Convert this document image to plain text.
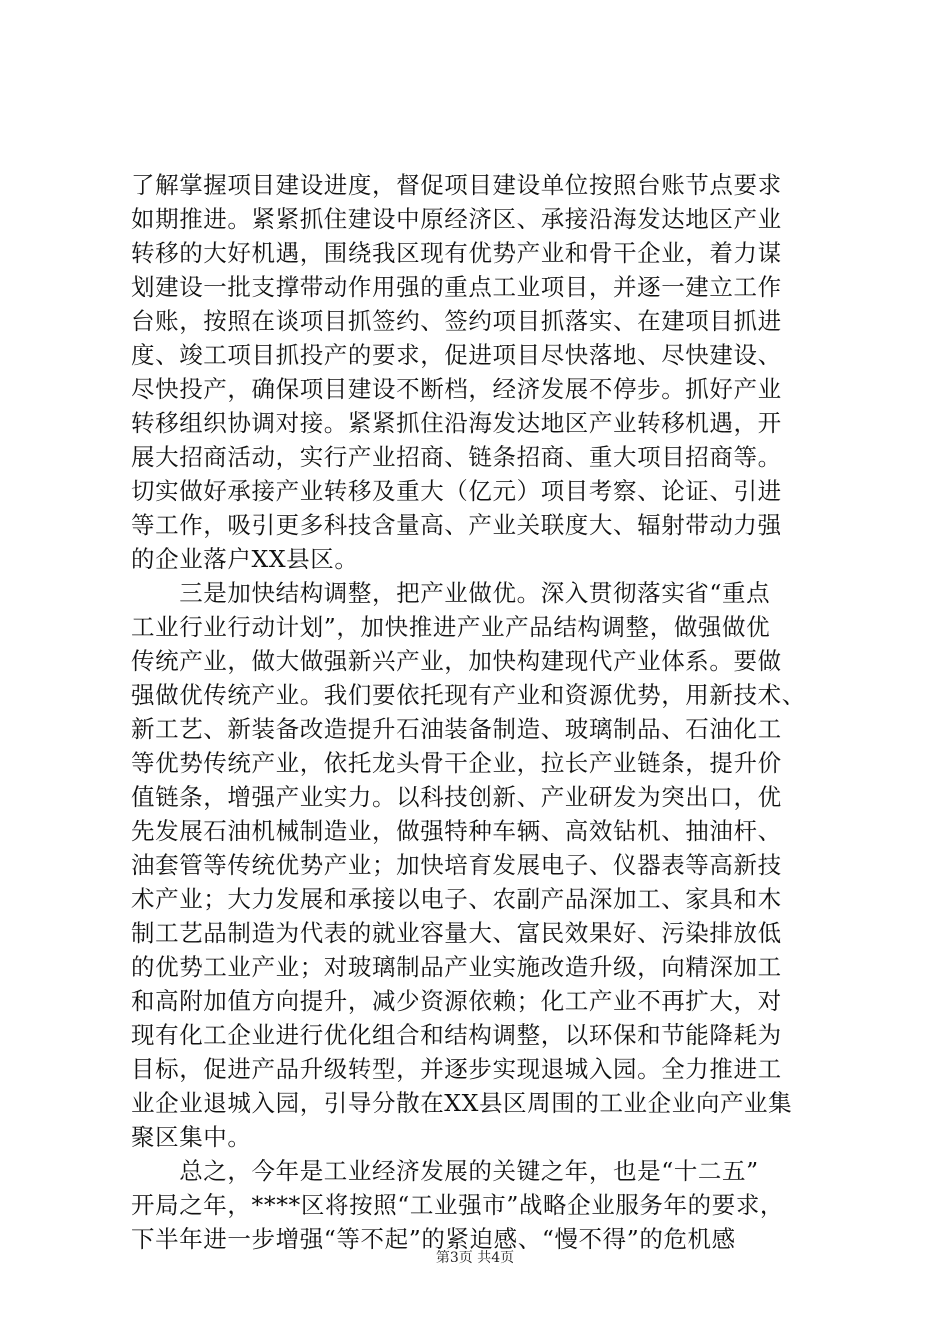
了解掌握项目建设进度，督促项目建设单位按照台账节点要求
如期推进。紧紧抓住建设中原经济区、承接沿海发达地区产业
转移的大好机遇，围绕我区现有优势产业和骨干企业，着力谋
划建设一批支撑带动作用强的重点工业项目，并逐一建立工作
台账，按照在谈项目抓签约、签约项目抓落实、在建项目抓进
度、竣工项目抓投产的要求，促进项目尽快落地、尽快建设、
尽快投产，确保项目建设不断档，经济发展不停步。抓好产业
转移组织协调对接。紧紧抓住沿海发达地区产业转移机遇，开
展大招商活动，实行产业招商、链条招商、重大项目招商等。
切实做好承接产业转移及重大（亿元）项目考察、论证、引进
等工作，吸引更多科技含量高、产业关联度大、辐射带动力强
的企业落户XX县区。
　　三是加快结构调整，把产业做优。深入贯彻落实省“重点
工业行业行动计划”，加快推进产业产品结构调整，做强做优
传统产业，做大做强新兴产业，加快构建现代产业体系。要做
强做优传统产业。我们要依托现有产业和资源优势，用新技术、
新工艺、新装备改造提升石油装备制造、玻璃制品、石油化工
等优势传统产业，依托龙头骨干企业，拉长产业链条，提升价
值链条，增强产业实力。以科技创新、产业研发为突出口，优
先发展石油机械制造业，做强特种车辆、高效钻机、抽油杆、
油套管等传统优势产业；加快培育发展电子、仪器表等高新技
术产业；大力发展和承接以电子、农副产品深加工、家具和木
制工艺品制造为代表的就业容量大、富民效果好、污染排放低
的优势工业产业；对玻璃制品产业实施改造升级，向精深加工
和高附加值方向提升，减少资源依赖；化工产业不再扩大，对
现有化工企业进行优化组合和结构调整，以环保和节能降耗为
目标，促进产品升级转型，并逐步实现退城入园。全力推进工
业企业退城入园，引导分散在XX县区周围的工业企业向产业集
聚区集中。
　　总之，今年是工业经济发展的关键之年，也是“十二五”
开局之年，****区将按照“工业强市”战略企业服务年的要求，
下半年进一步增强“等不起”的紧迫感、“慢不得”的危机感
第3页 共4页
